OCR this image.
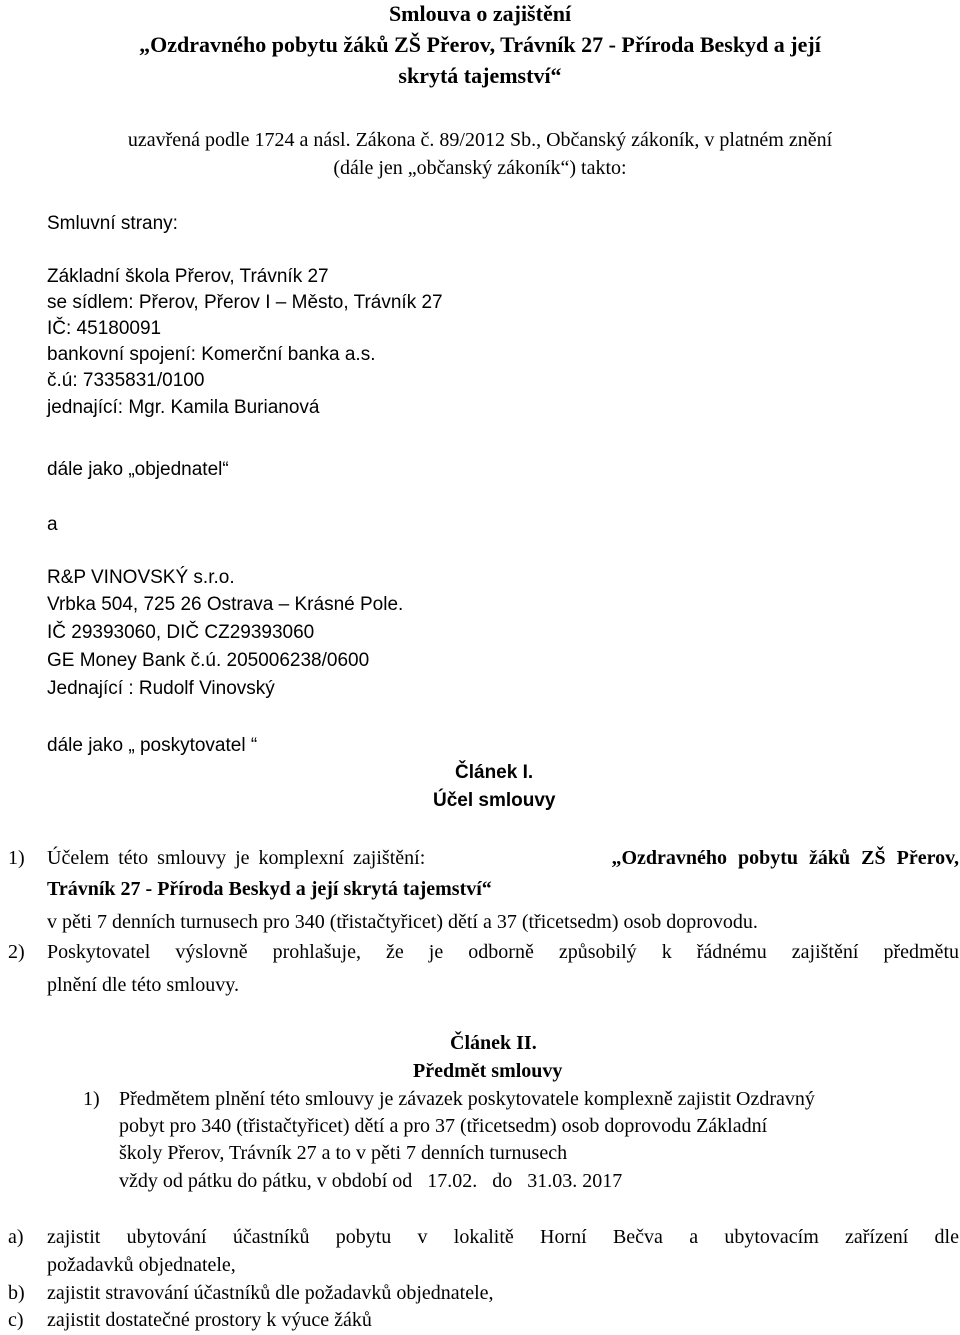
Smlouva o zajištění
„Ozdravného pobytu žáků ZŠ Přerov, Trávník 27 - Příroda Beskyd a její
skrytá tajemství“
uzavřená podle 1724 a násl. Zákona č. 89/2012 Sb., Občanský zákoník, v platném znění
(dále jen „občanský zákoník“) takto:
Smluvní strany:
Základní škola Přerov, Trávník 27
se sídlem: Přerov, Přerov I – Město, Trávník 27
IČ: 45180091
bankovní spojení: Komerční banka a.s.
č.ú: 7335831/0100
jednající: Mgr. Kamila Burianová
dále jako „objednatel“
a
R&P VINOVSKÝ s.r.o.
Vrbka 504, 725 26 Ostrava – Krásné Pole.
IČ 29393060, DIČ CZ29393060
GE Money Bank č.ú. 205006238/0600
Jednající : Rudolf Vinovský
dále jako „ poskytovatel “
Článek I.
Účel smlouvy
1) Účelem této smlouvy je komplexní zajištění:	„Ozdravného pobytu žáků ZŠ Přerov,
Trávník 27 - Příroda Beskyd a její skrytá tajemství“
v pěti 7 denních turnusech pro 340 (třistačtyřicet) dětí a 37 (třicetsedm) osob doprovodu.
2) Poskytovatel výslovně prohlašuje, že je odborně způsobilý k řádnému zajištění předmětu
plnění dle této smlouvy.
Článek II.
Předmět smlouvy
1) Předmětem plnění této smlouvy je závazek poskytovatele komplexně zajistit Ozdravný
pobyt pro 340 (třistačtyřicet) dětí a pro 37 (třicetsedm) osob doprovodu Základní
školy Přerov, Trávník 27 a to v pěti 7 denních turnusech
vždy od pátku do pátku, v období od   17.02.   do   31.03. 2017
a) zajistit ubytování účastníků pobytu v lokalitě Horní Bečva a ubytovacím zařízení dle
požadavků objednatele,
b) zajistit stravování účastníků dle požadavků objednatele,
c) zajistit dostatečné prostory k výuce žáků
